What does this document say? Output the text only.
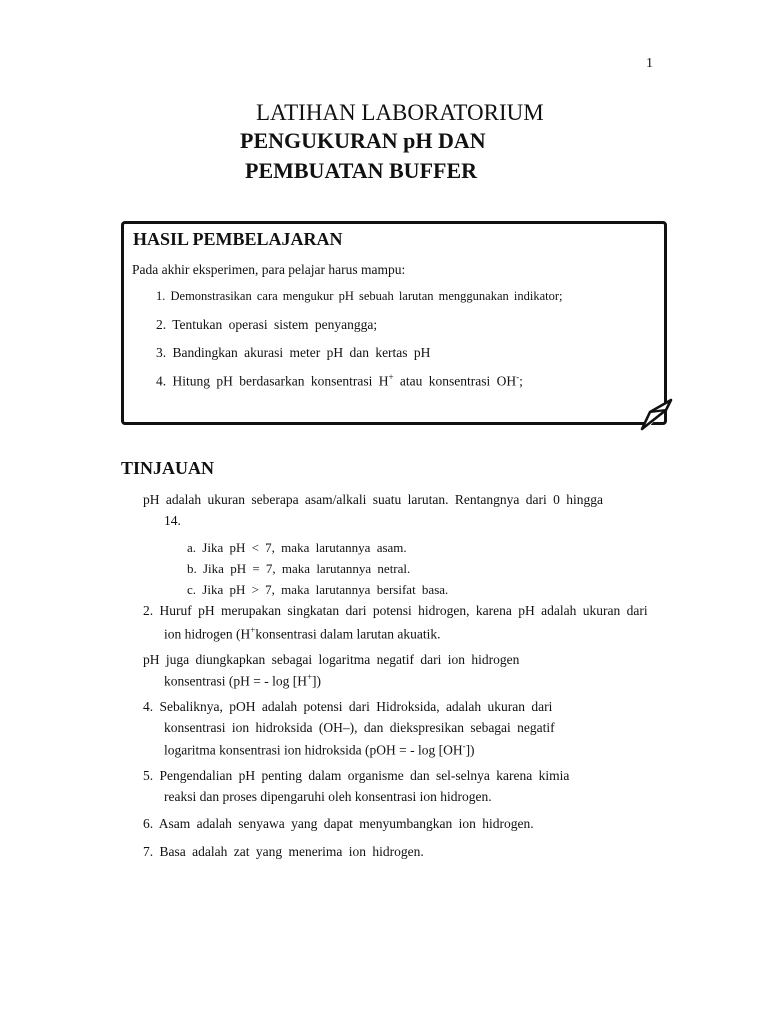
1
LATIHAN LABORATORIUM
PENGUKURAN pH DAN
PEMBUATAN BUFFER
HASIL PEMBELAJARAN
Pada akhir eksperimen, para pelajar harus mampu:
1. Demonstrasikan cara mengukur pH sebuah larutan menggunakan indikator;
2. Tentukan operasi sistem penyangga;
3. Bandingkan akurasi meter pH dan kertas pH
4. Hitung pH berdasarkan konsentrasi H+ atau konsentrasi OH-;
TINJAUAN
pH adalah ukuran seberapa asam/alkali suatu larutan. Rentangnya dari 0 hingga
14.
a. Jika pH < 7, maka larutannya asam.
b. Jika pH = 7, maka larutannya netral.
c. Jika pH > 7, maka larutannya bersifat basa.
2. Huruf pH merupakan singkatan dari potensi hidrogen, karena pH adalah ukuran dari
ion hidrogen (H+konsentrasi dalam larutan akuatik.
pH juga diungkapkan sebagai logaritma negatif dari ion hidrogen
konsentrasi (pH = - log [H+])
4. Sebaliknya, pOH adalah potensi dari Hidroksida, adalah ukuran dari
konsentrasi ion hidroksida (OH–), dan diekspresikan sebagai negatif
logaritma konsentrasi ion hidroksida (pOH = - log [OH-])
5. Pengendalian pH penting dalam organisme dan sel-selnya karena kimia
reaksi dan proses dipengaruhi oleh konsentrasi ion hidrogen.
6. Asam adalah senyawa yang dapat menyumbangkan ion hidrogen.
7. Basa adalah zat yang menerima ion hidrogen.
